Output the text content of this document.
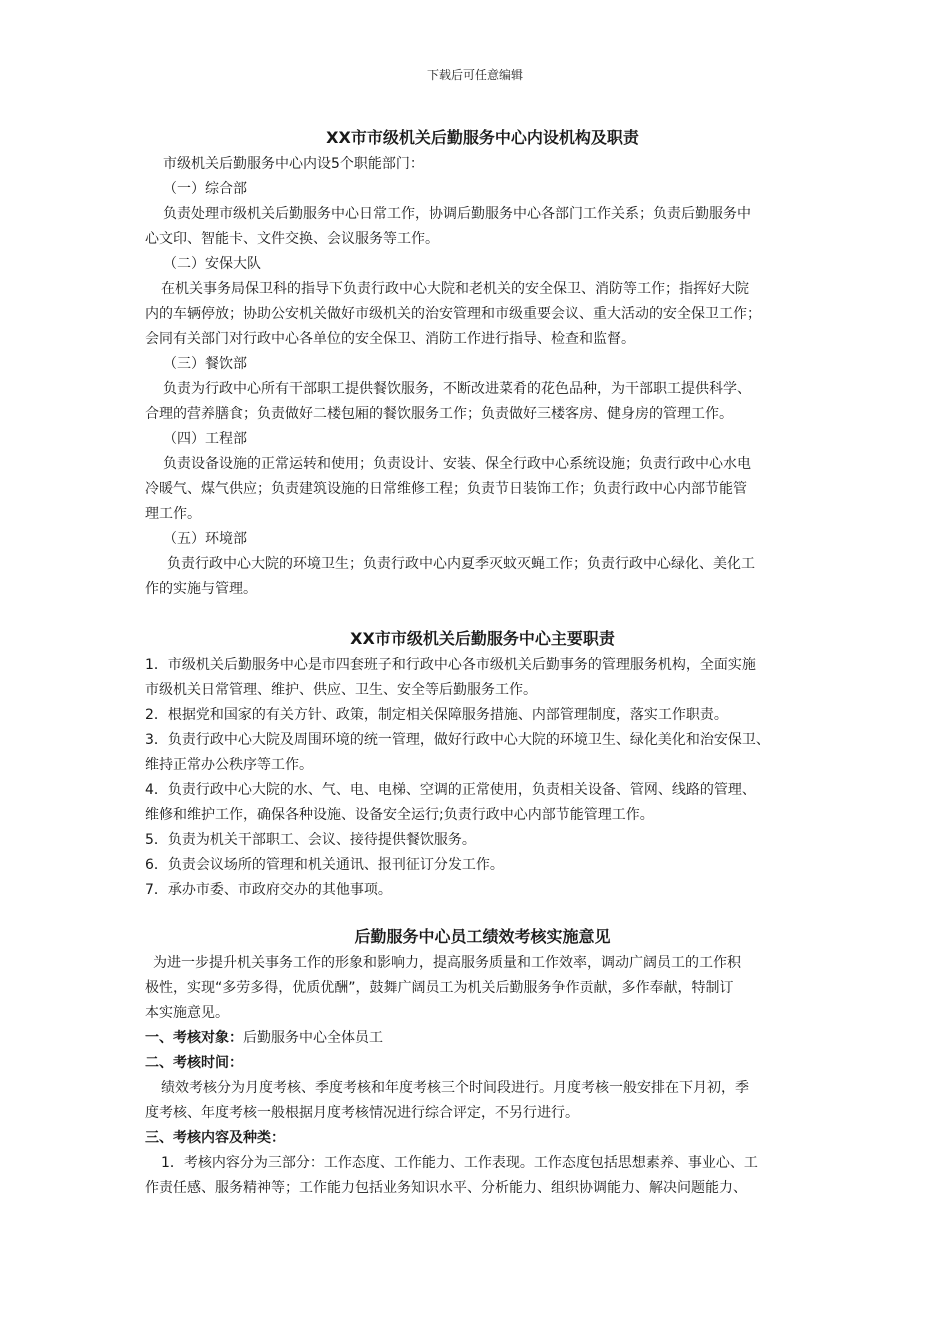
下载后可任意编辑

XX市市级机关后勤服务中心内设机构及职责

市级机关后勤服务中心内设5个职能部门：

（一）综合部

负责处理市级机关后勤服务中心日常工作，协调后勤服务中心各部门工作关系；负责后勤服务中

心文印、智能卡、文件交换、会议服务等工作。

（二）安保大队

在机关事务局保卫科的指导下负责行政中心大院和老机关的安全保卫、消防等工作；指挥好大院

内的车辆停放；协助公安机关做好市级机关的治安管理和市级重要会议、重大活动的安全保卫工作；

会同有关部门对行政中心各单位的安全保卫、消防工作进行指导、检查和监督。

（三）餐饮部

负责为行政中心所有干部职工提供餐饮服务，不断改进菜肴的花色品种，为干部职工提供科学、

合理的营养膳食；负责做好二楼包厢的餐饮服务工作；负责做好三楼客房、健身房的管理工作。

（四）工程部

负责设备设施的正常运转和使用；负责设计、安装、保全行政中心系统设施；负责行政中心水电

冷暖气、煤气供应；负责建筑设施的日常维修工程；负责节日装饰工作；负责行政中心内部节能管

理工作。

（五）环境部

负责行政中心大院的环境卫生；负责行政中心内夏季灭蚊灭蝇工作；负责行政中心绿化、美化工

作的实施与管理。

XX市市级机关后勤服务中心主要职责

1．市级机关后勤服务中心是市四套班子和行政中心各市级机关后勤事务的管理服务机构，全面实施

市级机关日常管理、维护、供应、卫生、安全等后勤服务工作。

2．根据党和国家的有关方针、政策，制定相关保障服务措施、内部管理制度，落实工作职责。

3．负责行政中心大院及周围环境的统一管理，做好行政中心大院的环境卫生、绿化美化和治安保卫、

维持正常办公秩序等工作。

4．负责行政中心大院的水、气、电、电梯、空调的正常使用，负责相关设备、管网、线路的管理、

维修和维护工作，确保各种设施、设备安全运行;负责行政中心内部节能管理工作。

5．负责为机关干部职工、会议、接待提供餐饮服务。

6．负责会议场所的管理和机关通讯、报刊征订分发工作。

7．承办市委、市政府交办的其他事项。

后勤服务中心员工绩效考核实施意见

为进一步提升机关事务工作的形象和影响力，提高服务质量和工作效率，调动广阔员工的工作积

极性，实现“多劳多得，优质优酬”，鼓舞广阔员工为机关后勤服务争作贡献，多作奉献，特制订

本实施意见。

一、考核对象：后勤服务中心全体员工

二、考核时间：

绩效考核分为月度考核、季度考核和年度考核三个时间段进行。月度考核一般安排在下月初，季

度考核、年度考核一般根据月度考核情况进行综合评定，不另行进行。

三、考核内容及种类：

1．考核内容分为三部分：工作态度、工作能力、工作表现。工作态度包括思想素养、事业心、工

作责任感、服务精神等；工作能力包括业务知识水平、分析能力、组织协调能力、解决问题能力、
